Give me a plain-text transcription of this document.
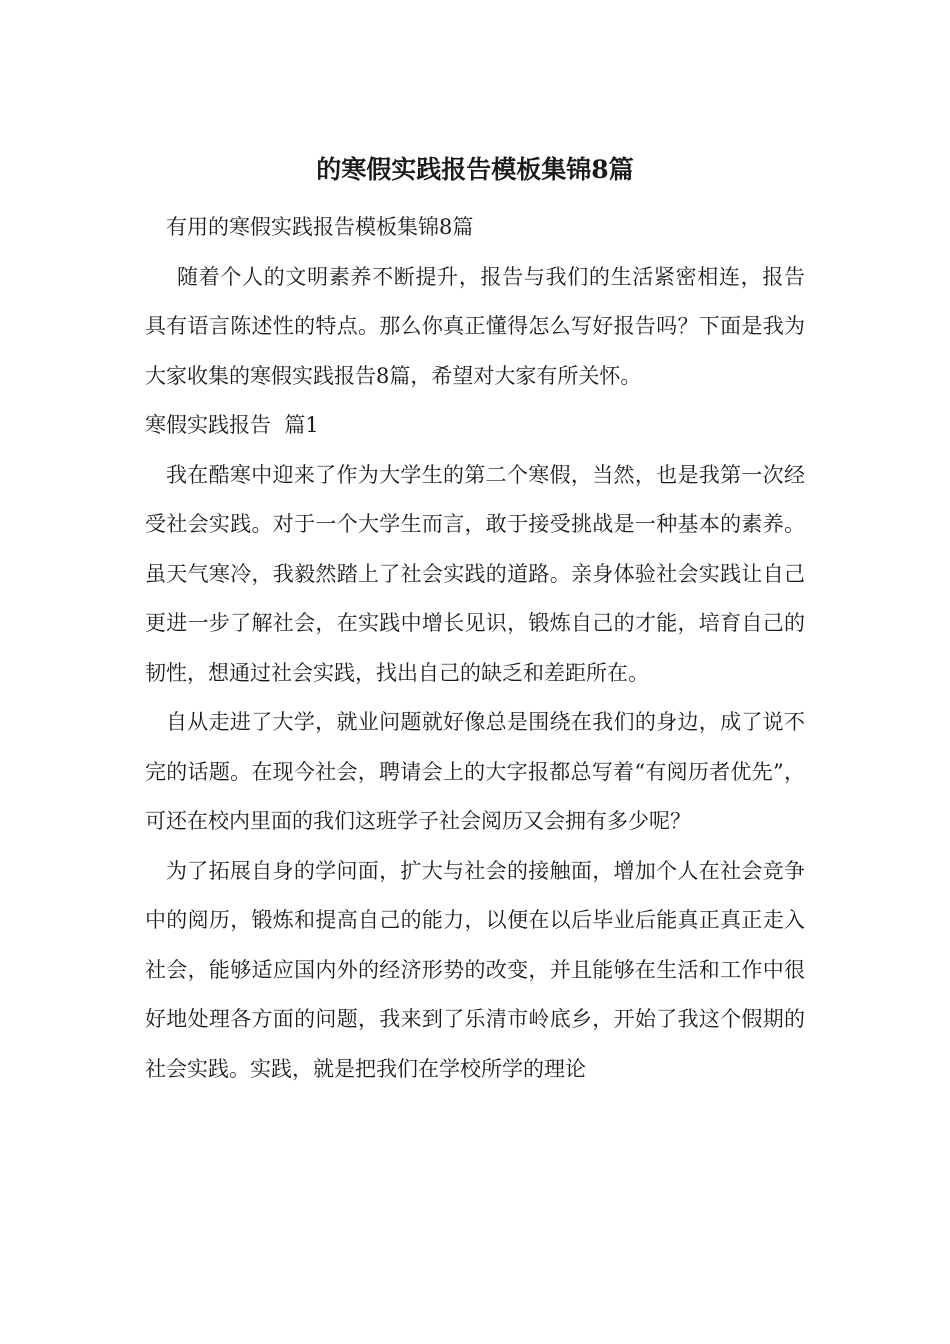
的寒假实践报告模板集锦8篇

有用的寒假实践报告模板集锦8篇

随着个人的文明素养不断提升，报告与我们的生活紧密相连，报告具有语言陈述性的特点。那么你真正懂得怎么写好报告吗？下面是我为大家收集的寒假实践报告8篇，希望对大家有所关怀。

寒假实践报告  篇1

我在酷寒中迎来了作为大学生的第二个寒假，当然，也是我第一次经受社会实践。对于一个大学生而言，敢于接受挑战是一种基本的素养。虽天气寒冷，我毅然踏上了社会实践的道路。亲身体验社会实践让自己更进一步了解社会，在实践中增长见识，锻炼自己的才能，培育自己的韧性，想通过社会实践，找出自己的缺乏和差距所在。

自从走进了大学，就业问题就好像总是围绕在我们的身边，成了说不完的话题。在现今社会，聘请会上的大字报都总写着“有阅历者优先”，可还在校内里面的我们这班学子社会阅历又会拥有多少呢？

为了拓展自身的学问面，扩大与社会的接触面，增加个人在社会竞争中的阅历，锻炼和提高自己的能力，以便在以后毕业后能真正真正走入社会，能够适应国内外的经济形势的改变，并且能够在生活和工作中很好地处理各方面的问题，我来到了乐清市岭底乡，开始了我这个假期的社会实践。实践，就是把我们在学校所学的理论
